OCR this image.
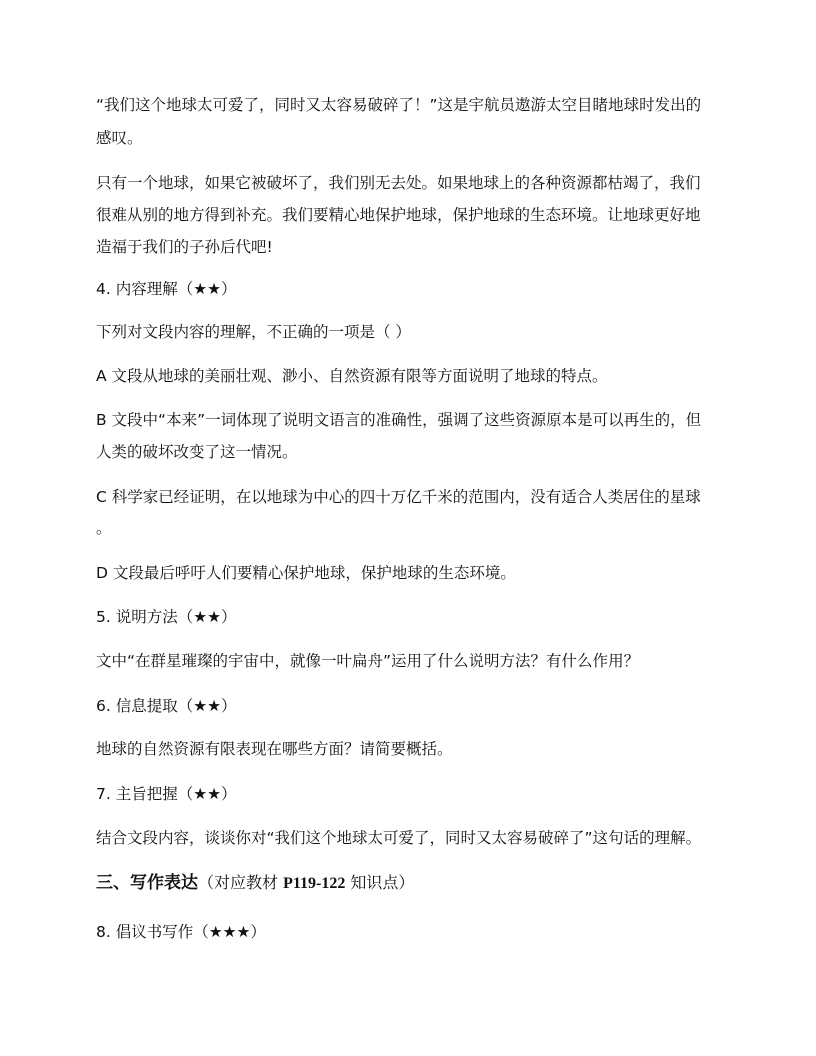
“我们这个地球太可爱了，同时又太容易破碎了！”这是宇航员遨游太空目睹地球时发出的
感叹。
只有一个地球，如果它被破坏了，我们别无去处。如果地球上的各种资源都枯竭了，我们
很难从别的地方得到补充。我们要精心地保护地球，保护地球的生态环境。让地球更好地
造福于我们的子孙后代吧!
4. 内容理解（★★）
下列对文段内容的理解，不正确的一项是（ ）
A 文段从地球的美丽壮观、渺小、自然资源有限等方面说明了地球的特点。
B 文段中“本来”一词体现了说明文语言的准确性，强调了这些资源原本是可以再生的，但
人类的破坏改变了这一情况。
C 科学家已经证明，在以地球为中心的四十万亿千米的范围内，没有适合人类居住的星球
。
D 文段最后呼吁人们要精心保护地球，保护地球的生态环境。
5. 说明方法（★★）
文中“在群星璀璨的宇宙中，就像一叶扁舟”运用了什么说明方法？有什么作用？
6. 信息提取（★★）
地球的自然资源有限表现在哪些方面？请简要概括。
7. 主旨把握（★★）
结合文段内容，谈谈你对“我们这个地球太可爱了，同时又太容易破碎了”这句话的理解。
三、写作表达（对应教材 P119-122 知识点）
8. 倡议书写作（★★★）
